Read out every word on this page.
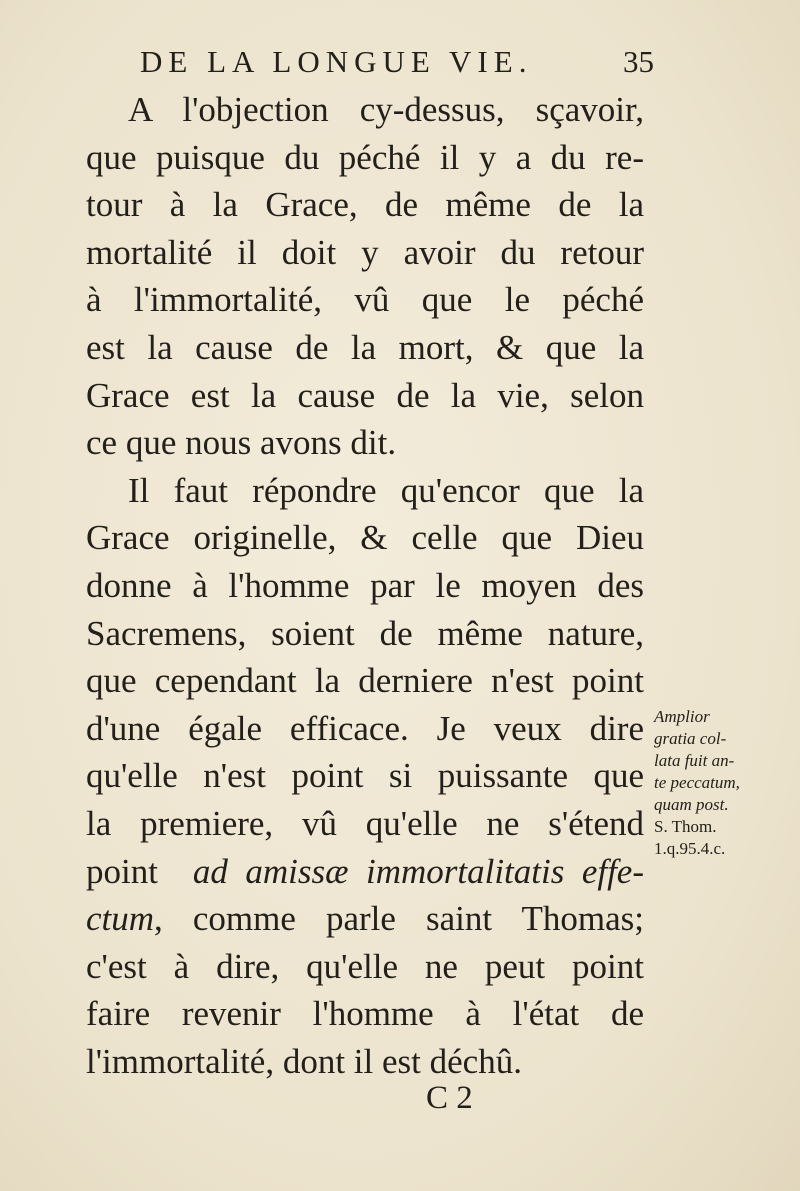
DE LA LONGUE VIE.	35
A l'objection cy-dessus, sçavoir,
que puisque du péché il y a du re-
tour à la Grace, de même de la
mortalité il doit y avoir du retour
à l'immortalité, vû que le péché
est la cause de la mort, & que la
Grace est la cause de la vie, selon
ce que nous avons dit.
Il faut répondre qu'encor que la
Grace originelle, & celle que Dieu
donne à l'homme par le moyen des
Sacremens, soient de même nature,
que cependant la derniere n'est point
d'une égale efficace. Je veux dire
qu'elle n'est point si puissante que
la premiere, vû qu'elle ne s'étend
point ad amissæ immortalitatis effe-
ctum, comme parle saint Thomas;
c'est à dire, qu'elle ne peut point
faire revenir l'homme à l'état de
l'immortalité, dont il est déchû.
Amplior
gratia col-
lata fuit an-
te peccatum,
quam post.
S. Thom.
1.q.95.4.c.
C 2
